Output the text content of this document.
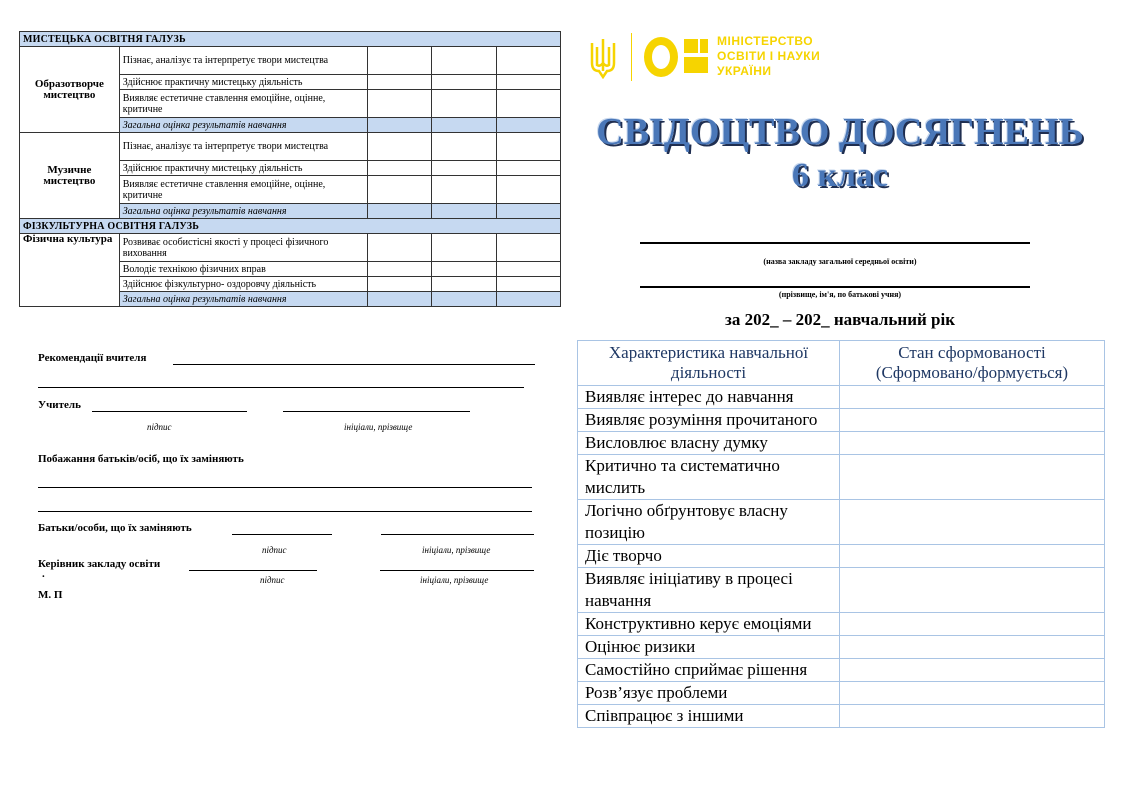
МИСТЕЦЬКА ОСВІТНЯ ГАЛУЗЬ				
Образотворче мистецтво	Пізнає, аналізує та інтерпретує твори мистецтва			
	Здійснює практичну мистецьку діяльність			
	Виявляє естетичне ставлення емоційне, оцінне, критичне			
	Загальна оцінка результатів навчання			
Музичне мистецтво	Пізнає, аналізує та інтерпретує твори мистецтва			
	Здійснює практичну мистецьку діяльність			
	Виявляє естетичне ставлення емоційне, оцінне, критичне			
	Загальна оцінка результатів навчання			
ФІЗКУЛЬТУРНА ОСВІТНЯ ГАЛУЗЬ				
Фізична культура	Розвиває особистісні якості у процесі фізичного виховання			
	Володіє технікою фізичних вправ			
	Здійснює фізкультурно- оздоровчу діяльність			
	Загальна оцінка результатів навчання			
Рекомендації вчителя
Учитель
підпис	ініціали, прізвище
Побажання батьків/осіб, що їх заміняють
Батьки/особи, що їх заміняють
підпис	ініціали, прізвище
Керівник закладу освіти
.	підпис	ініціали, прізвище
М. П
МІНІСТЕРСТВО
ОСВІТИ І НАУКИ
УКРАЇНИ
СВІДОЦТВО ДОСЯГНЕНЬ
6 клас
(назва закладу загальної середньої освіти)
(прізвище, ім'я, по батькові учня)
за 202_ – 202_ навчальний рік
Характеристика навчальної діяльності	Стан сформованості (Сформовано/формується)
Виявляє інтерес до навчання	
Виявляє розуміння прочитаного	
Висловлює власну думку	
Критично та систематично мислить	
Логічно обґрунтовує власну позицію	
Діє творчо	
Виявляє ініціативу в процесі навчання	
Конструктивно керує емоціями	
Оцінює ризики	
Самостійно сприймає рішення	
Розв’язує проблеми	
Співпрацює з іншими	
